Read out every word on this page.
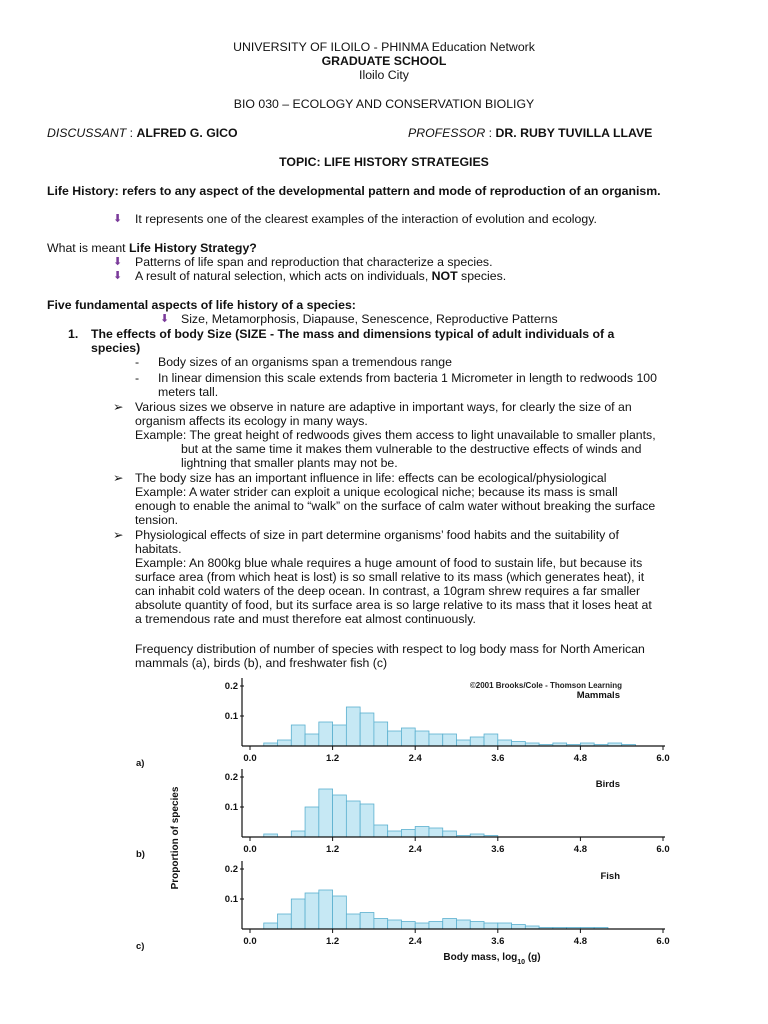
UNIVERSITY OF ILOILO - PHINMA Education Network
GRADUATE SCHOOL
Iloilo City
BIO 030 – ECOLOGY AND CONSERVATION BIOLIGY
DISCUSSANT : ALFRED G. GICO	PROFESSOR : DR. RUBY TUVILLA LLAVE
TOPIC: LIFE HISTORY STRATEGIES
Life History: refers to any aspect of the developmental pattern and mode of reproduction of an organism.
⬇ It represents one of the clearest examples of the interaction of evolution and ecology.
What is meant Life History Strategy?
⬇ Patterns of life span and reproduction that characterize a species.
⬇ A result of natural selection, which acts on individuals, NOT species.
Five fundamental aspects of life history of a species:
⬇ Size, Metamorphosis, Diapause, Senescence, Reproductive Patterns
1. The effects of body Size (SIZE - The mass and dimensions typical of adult individuals of a
species)
- Body sizes of an organisms span a tremendous range
- In linear dimension this scale extends from bacteria 1 Micrometer in length to redwoods 100
meters tall.
➢ Various sizes we observe in nature are adaptive in important ways, for clearly the size of an
organism affects its ecology in many ways.
Example: The great height of redwoods gives them access to light unavailable to smaller plants,
but at the same time it makes them vulnerable to the destructive effects of winds and
lightning that smaller plants may not be.
➢ The body size has an important influence in life: effects can be ecological/physiological
Example: A water strider can exploit a unique ecological niche; because its mass is small
enough to enable the animal to “walk” on the surface of calm water without breaking the surface
tension.
➢ Physiological effects of size in part determine organisms’ food habits and the suitability of
habitats.
Example: An 800kg blue whale requires a huge amount of food to sustain life, but because its
surface area (from which heat is lost) is so small relative to its mass (which generates heat), it
can inhabit cold waters of the deep ocean. In contrast, a 10gram shrew requires a far smaller
absolute quantity of food, but its surface area is so large relative to its mass that it loses heat at
a tremendous rate and must therefore eat almost continuously.
Frequency distribution of number of species with respect to log body mass for North American
mammals (a), birds (b), and freshwater fish (c)
©2001 Brooks/Cole - Thomson Learning
0.1
0.2
0.0	1.2	2.4	3.6	4.8	6.0
Mammals
a)
0.1
0.2
0.0	1.2	2.4	3.6	4.8	6.0
Birds
b)
0.1
0.2
0.0	1.2	2.4	3.6	4.8	6.0
Fish
c)
Proportion of species
Body mass, $\log_{10} (g)$
